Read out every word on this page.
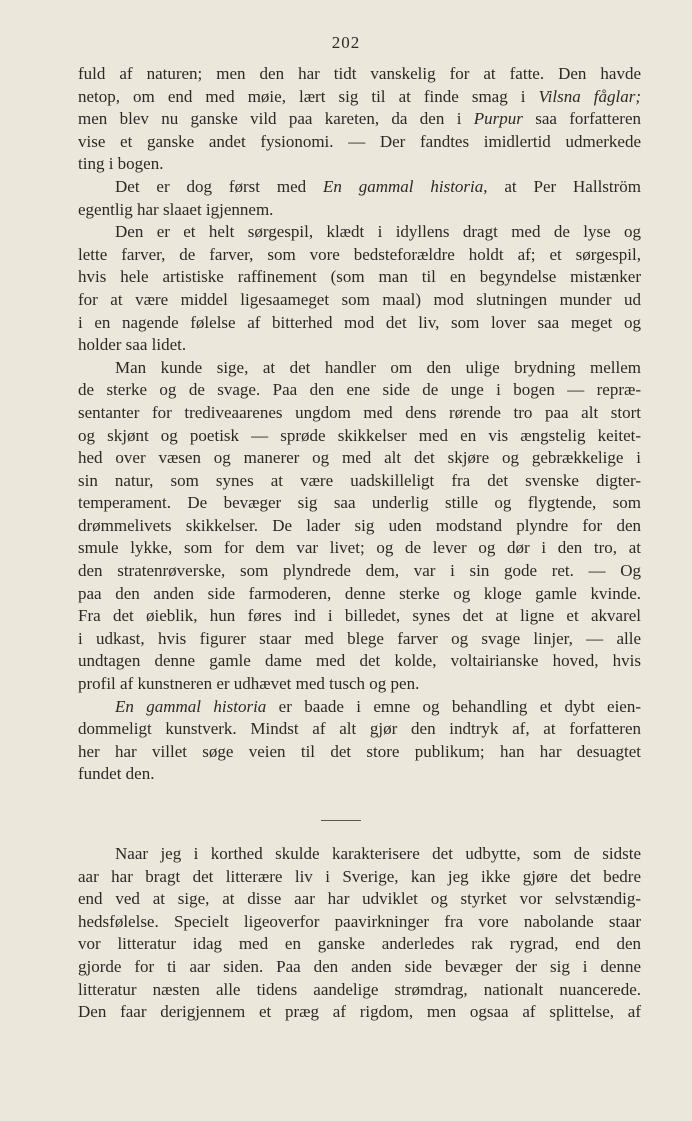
202
fuld af naturen; men den har tidt vanskelig for at fatte. Den havde
netop, om end med møie, lært sig til at finde smag i Vilsna fåglar;
men blev nu ganske vild paa kareten, da den i Purpur saa forfatteren
vise et ganske andet fysionomi. — Der fandtes imidlertid udmerkede
ting i bogen.
Det er dog først med En gammal historia, at Per Hallström
egentlig har slaaet igjennem.
Den er et helt sørgespil, klædt i idyllens dragt med de lyse og
lette farver, de farver, som vore bedsteforældre holdt af; et sørgespil,
hvis hele artistiske raffinement (som man til en begyndelse mistænker
for at være middel ligesaameget som maal) mod slutningen munder ud
i en nagende følelse af bitterhed mod det liv, som lover saa meget og
holder saa lidet.
Man kunde sige, at det handler om den ulige brydning mellem
de sterke og de svage. Paa den ene side de unge i bogen — repræ-
sentanter for trediveaarenes ungdom med dens rørende tro paa alt stort
og skjønt og poetisk — sprøde skikkelser med en vis ængstelig keitet-
hed over væsen og manerer og med alt det skjøre og gebrækkelige i
sin natur, som synes at være uadskilleligt fra det svenske digter-
temperament. De bevæger sig saa underlig stille og flygtende, som
drømmelivets skikkelser. De lader sig uden modstand plyndre for den
smule lykke, som for dem var livet; og de lever og dør i den tro, at
den stratenrøverske, som plyndrede dem, var i sin gode ret. — Og
paa den anden side farmoderen, denne sterke og kloge gamle kvinde.
Fra det øieblik, hun føres ind i billedet, synes det at ligne et akvarel
i udkast, hvis figurer staar med blege farver og svage linjer, — alle
undtagen denne gamle dame med det kolde, voltairianske hoved, hvis
profil af kunstneren er udhævet med tusch og pen.
En gammal historia er baade i emne og behandling et dybt eien-
dommeligt kunstverk. Mindst af alt gjør den indtryk af, at forfatteren
her har villet søge veien til det store publikum; han har desuagtet
fundet den.
Naar jeg i korthed skulde karakterisere det udbytte, som de sidste
aar har bragt det litterære liv i Sverige, kan jeg ikke gjøre det bedre
end ved at sige, at disse aar har udviklet og styrket vor selvstændig-
hedsfølelse. Specielt ligeoverfor paavirkninger fra vore nabolande staar
vor litteratur idag med en ganske anderledes rak rygrad, end den
gjorde for ti aar siden. Paa den anden side bevæger der sig i denne
litteratur næsten alle tidens aandelige strømdrag, nationalt nuancerede.
Den faar derigjennem et præg af rigdom, men ogsaa af splittelse, af
